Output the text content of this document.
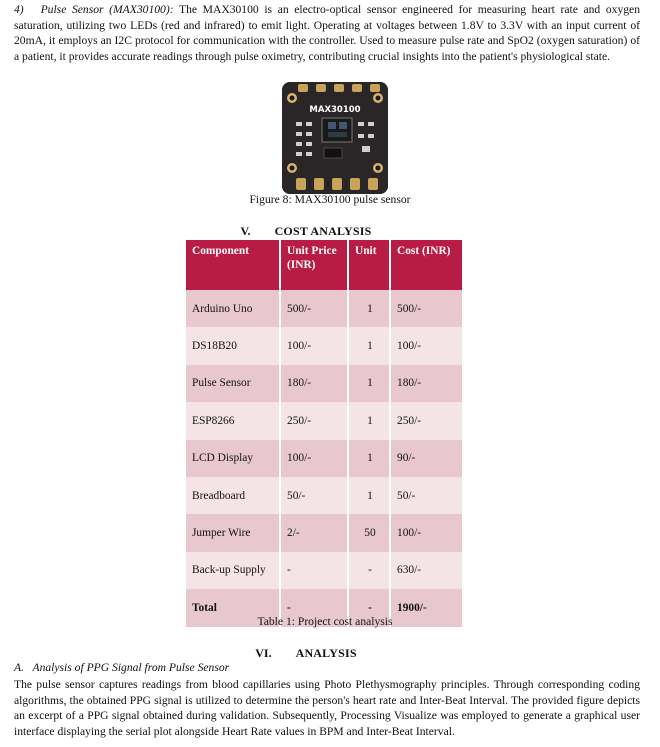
4) Pulse Sensor (MAX30100): The MAX30100 is an electro-optical sensor engineered for measuring heart rate and oxygen saturation, utilizing two LEDs (red and infrared) to emit light. Operating at voltages between 1.8V to 3.3V with an input current of 20mA, it employs an I2C protocol for communication with the controller. Used to measure pulse rate and SpO2 (oxygen saturation) of a patient, it provides accurate readings through pulse oximetry, contributing crucial insights into the patient's physiological state.
MAX30100
Figure 8: MAX30100 pulse sensor
V. COST ANALYSIS
Component	Unit Price (INR)	Unit	Cost (INR)
Arduino Uno	500/-	1	500/-
DS18B20	100/-	1	100/-
Pulse Sensor	180/-	1	180/-
ESP8266	250/-	1	250/-
LCD Display	100/-	1	90/-
Breadboard	50/-	1	50/-
Jumper Wire	2/-	50	100/-
Back-up Supply	-	-	630/-
Total	-	-	1900/-
Table 1: Project cost analysis
VI. ANALYSIS
A. Analysis of PPG Signal from Pulse Sensor
The pulse sensor captures readings from blood capillaries using Photo Plethysmography principles. Through corresponding coding algorithms, the obtained PPG signal is utilized to determine the person's heart rate and Inter-Beat Interval. The provided figure depicts an excerpt of a PPG signal obtained during validation. Subsequently, Processing Visualize was employed to generate a graphical user interface displaying the serial plot alongside Heart Rate values in BPM and Inter-Beat Interval.
